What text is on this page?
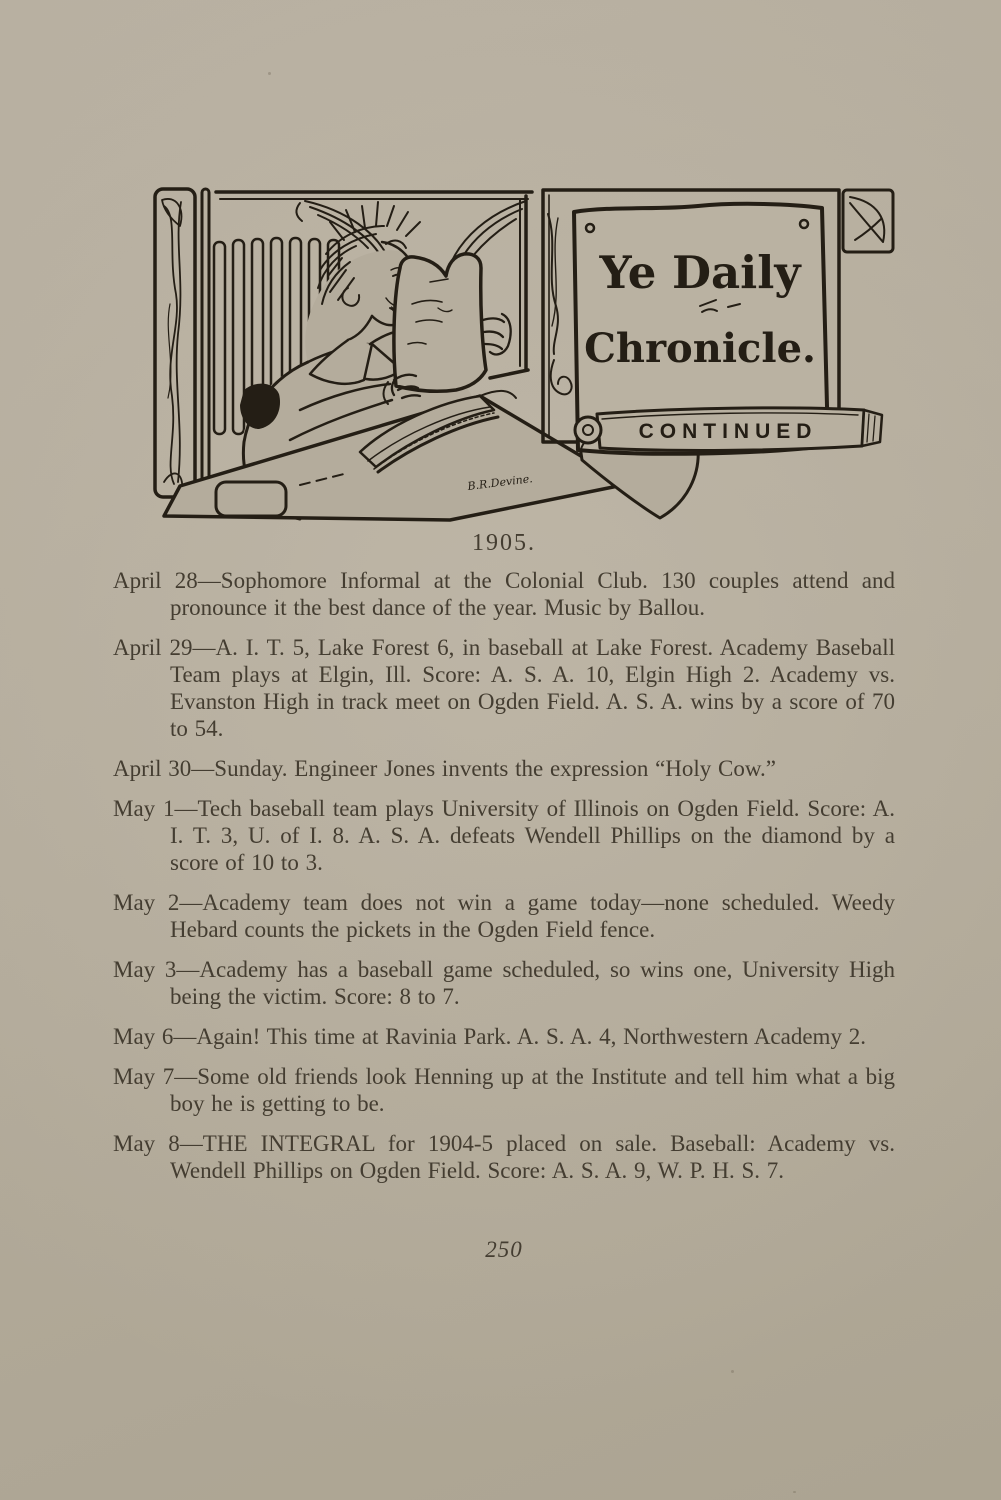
B.R.Devine.
Ye Daily
Chronicle.
CONTINUED
1905.

April 28—Sophomore Informal at the Colonial Club. 130 couples attend and pronounce it the best dance of the year. Music by Ballou.

April 29—A. I. T. 5, Lake Forest 6, in baseball at Lake Forest. Academy Baseball Team plays at Elgin, Ill. Score: A. S. A. 10, Elgin High 2. Academy vs. Evanston High in track meet on Ogden Field. A. S. A. wins by a score of 70 to 54.

April 30—Sunday. Engineer Jones invents the expression “Holy Cow.”

May 1—Tech baseball team plays University of Illinois on Ogden Field. Score: A. I. T. 3, U. of I. 8. A. S. A. defeats Wendell Phillips on the diamond by a score of 10 to 3.

May 2—Academy team does not win a game today—none scheduled. Weedy Hebard counts the pickets in the Ogden Field fence.

May 3—Academy has a baseball game scheduled, so wins one, University High being the victim. Score: 8 to 7.

May 6—Again! This time at Ravinia Park. A. S. A. 4, Northwestern Academy 2.

May 7—Some old friends look Henning up at the Institute and tell him what a big boy he is getting to be.

May 8—THE INTEGRAL for 1904-5 placed on sale. Baseball: Academy vs. Wendell Phillips on Ogden Field. Score: A. S. A. 9, W. P. H. S. 7.

250
